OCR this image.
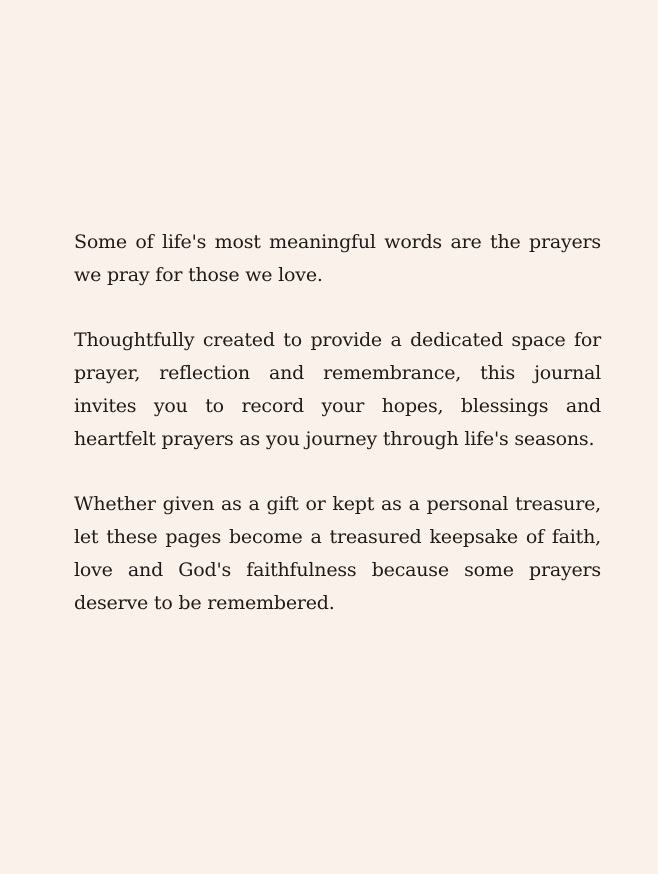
Some of life's most meaningful words are the prayers we pray for those we love.

Thoughtfully created to provide a dedicated space for prayer, reflection and remembrance, this journal invites you to record your hopes, blessings and heartfelt prayers as you journey through life's seasons.

Whether given as a gift or kept as a personal treasure, let these pages become a treasured keepsake of faith, love and God's faithfulness because some prayers deserve to be remembered.
